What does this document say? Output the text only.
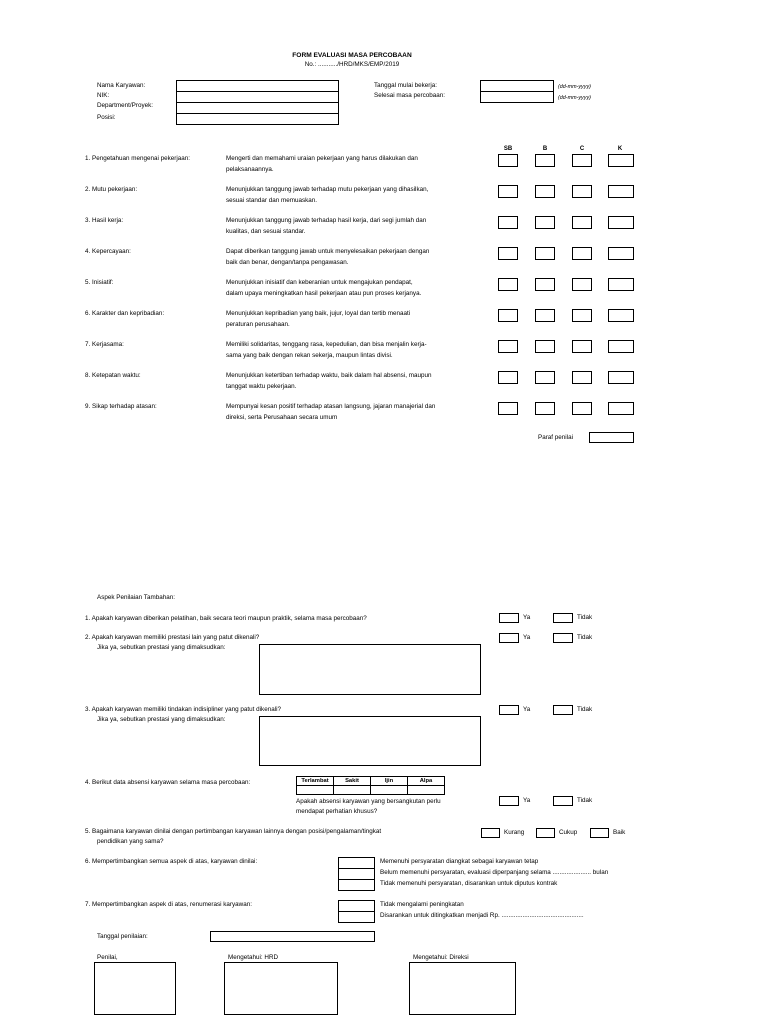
FORM EVALUASI MASA PERCOBAAN
No.: .........../HRD/MKS/EMP/2019
Nama Karyawan:
NIK:
Department/Proyek:
Posisi:
Tanggal mulai bekerja:
Selesai masa percobaan:
(dd-mm-yyyy)
(dd-mm-yyyy)
SB	B	C	K
1. Pengetahuan mengenai pekerjaan:	Mengerti dan memahami uraian pekerjaan yang harus dilakukan dan
pelaksanaannya.
2. Mutu pekerjaan:	Menunjukkan tanggung jawab terhadap mutu pekerjaan yang dihasilkan,
sesuai standar dan memuaskan.
3. Hasil kerja:	Menunjukkan tanggung jawab terhadap hasil kerja, dari segi jumlah dan
kualitas, dan sesuai standar.
4. Kepercayaan:	Dapat diberikan tanggung jawab untuk menyelesaikan pekerjaan dengan
baik dan benar, dengan/tanpa pengawasan.
5. Inisiatif:	Menunjukkan inisiatif dan keberanian untuk mengajukan pendapat,
dalam upaya meningkatkan hasil pekerjaan atau pun proses kerjanya.
6. Karakter dan kepribadian:	Menunjukkan kepribadian yang baik, jujur, loyal dan tertib menaati
peraturan perusahaan.
7. Kerjasama:	Memiliki solidaritas, tenggang rasa, kepedulian, dan bisa menjalin kerja-
sama yang baik dengan rekan sekerja, maupun lintas divisi.
8. Ketepatan waktu:	Menunjukkan ketertiban terhadap waktu, baik dalam hal absensi, maupun
tanggat waktu pekerjaan.
9. Sikap terhadap atasan:	Mempunyai kesan positif terhadap atasan langsung, jajaran manajerial dan
direksi, serta Perusahaan secara umum
Paraf penilai
Aspek Penilaian Tambahan:
1. Apakah karyawan diberikan pelatihan, baik secara teori maupun praktik, selama masa percobaan?	Ya	Tidak
2. Apakah karyawan memiliki prestasi lain yang patut dikenali?
Jika ya, sebutkan prestasi yang dimaksudkan:
Ya	Tidak
3. Apakah karyawan memiliki tindakan indisipliner yang patut dikenali?
Jika ya, sebutkan prestasi yang dimaksudkan:
Ya	Tidak
4. Berikut data absensi karyawan selama masa percobaan:	Terlambat	Sakit	Ijin	Alpa

Apakah absensi karyawan yang bersangkutan perlu
mendapat perhatian khusus?
Ya	Tidak
5. Bagaimana karyawan dinilai dengan pertimbangan karyawan lainnya dengan posisi/pengalaman/tingkat
pendidikan yang sama?
Kurang	Cukup	Baik
6. Mempertimbangkan semua aspek di atas, karyawan dinilai:	Memenuhi persyaratan diangkat sebagai karyawan tetap
Belum memenuhi persyaratan, evaluasi diperpanjang selama ...................... bulan
Tidak memenuhi persyaratan, disarankan untuk diputus kontrak
7. Mempertimbangkan aspek di atas, renumerasi karyawan:	Tidak mengalami peningkatan
Disarankan untuk ditingkatkan menjadi Rp. ...............................................
Tanggal penilaian:
Penilai,	Mengetahui: HRD	Mengetahui: Direksi
